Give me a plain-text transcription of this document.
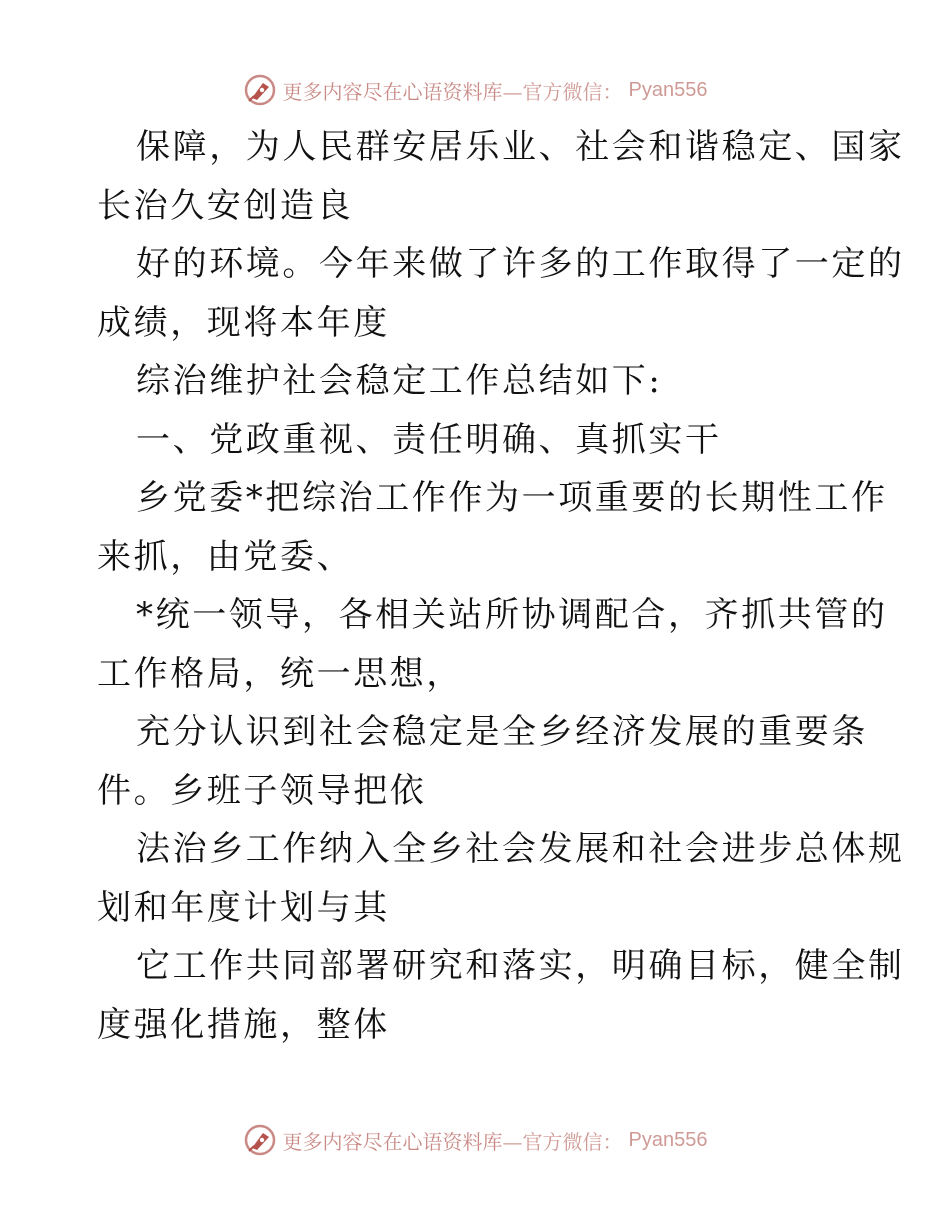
更多内容尽在心语资料库—官方微信： Pyan556
保障，为人民群安居乐业、社会和谐稳定、国家
长治久安创造良
好的环境。今年来做了许多的工作取得了一定的
成绩，现将本年度
综治维护社会稳定工作总结如下:
一、党政重视、责任明确、真抓实干
乡党委*把综治工作作为一项重要的长期性工作
来抓，由党委、
*统一领导，各相关站所协调配合，齐抓共管的
工作格局，统一思想，
充分认识到社会稳定是全乡经济发展的重要条
件。乡班子领导把依
法治乡工作纳入全乡社会发展和社会进步总体规
划和年度计划与其
它工作共同部署研究和落实，明确目标，健全制
度强化措施，整体
更多内容尽在心语资料库—官方微信： Pyan556
